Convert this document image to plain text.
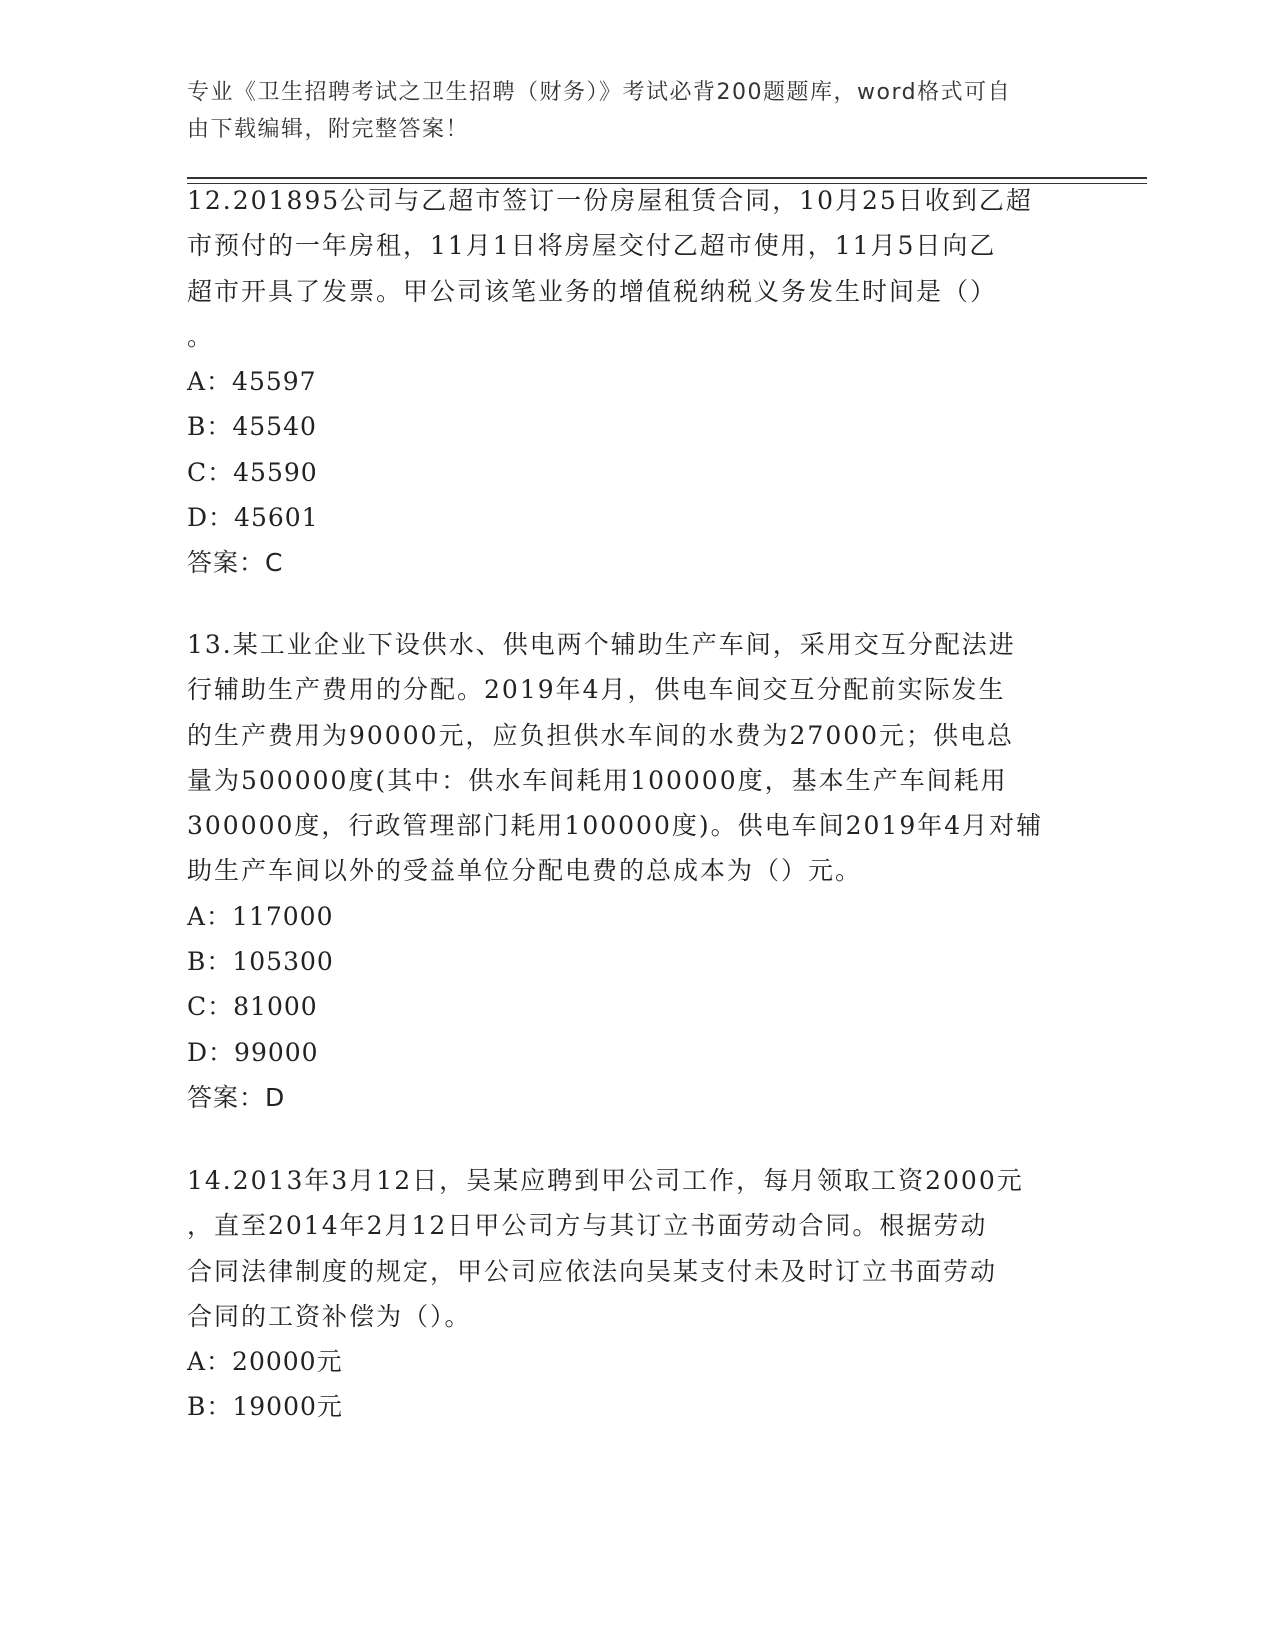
专业《卫生招聘考试之卫生招聘（财务）》考试必背200题题库，word格式可自
由下载编辑，附完整答案！
12.201895公司与乙超市签订一份房屋租赁合同，10月25日收到乙超
市预付的一年房租，11月1日将房屋交付乙超市使用，11月5日向乙
超市开具了发票。甲公司该笔业务的增值税纳税义务发生时间是（）
。
A：45597
B：45540
C：45590
D：45601
答案：C
13.某工业企业下设供水、供电两个辅助生产车间，采用交互分配法进
行辅助生产费用的分配。2019年4月，供电车间交互分配前实际发生
的生产费用为90000元，应负担供水车间的水费为27000元；供电总
量为500000度(其中：供水车间耗用100000度，基本生产车间耗用
300000度，行政管理部门耗用100000度)。供电车间2019年4月对辅
助生产车间以外的受益单位分配电费的总成本为（）元。
A：117000
B：105300
C：81000
D：99000
答案：D
14.2013年3月12日，吴某应聘到甲公司工作，每月领取工资2000元
，直至2014年2月12日甲公司方与其订立书面劳动合同。根据劳动
合同法律制度的规定，甲公司应依法向吴某支付未及时订立书面劳动
合同的工资补偿为（）。
A：20000元
B：19000元
